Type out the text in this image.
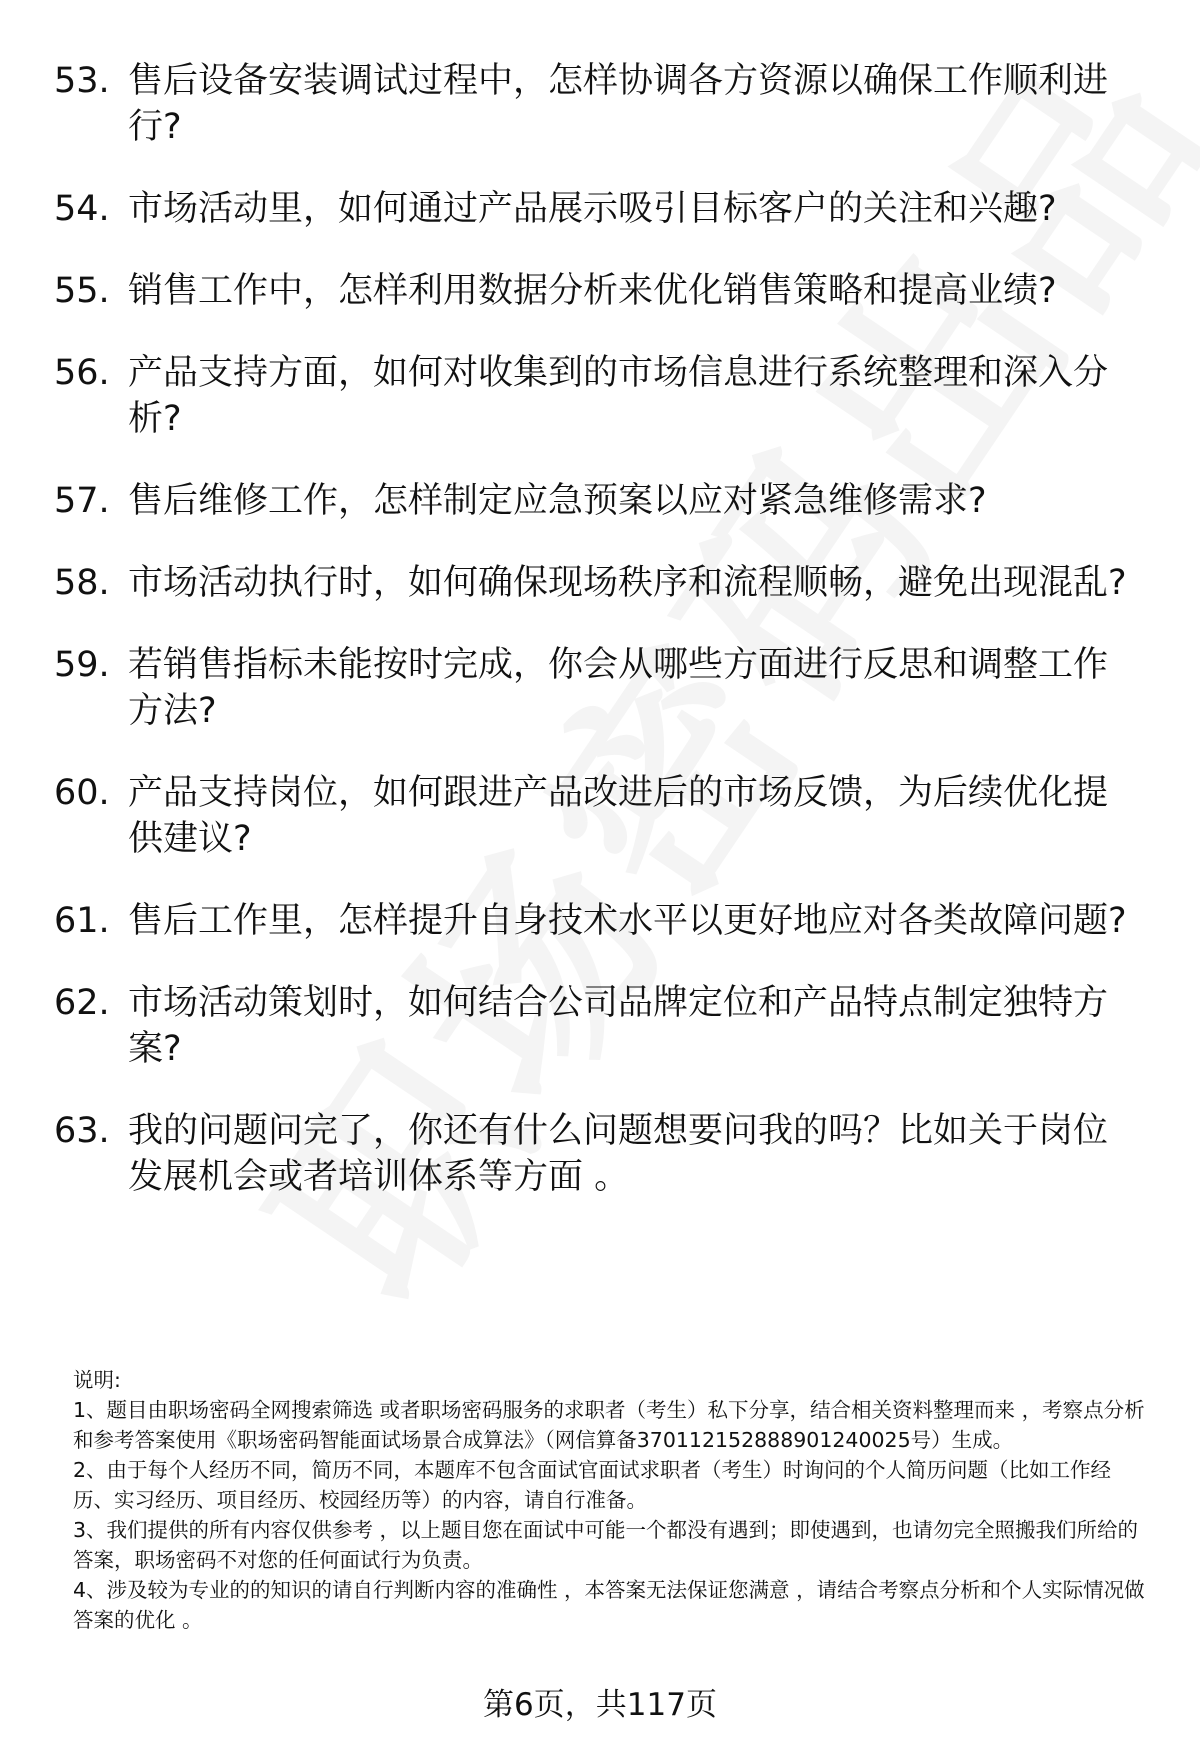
53. 售后设备安装调试过程中，怎样协调各方资源以确保工作顺利进行?
54. 市场活动里，如何通过产品展示吸引目标客户的关注和兴趣?
55. 销售工作中，怎样利用数据分析来优化销售策略和提高业绩?
56. 产品支持方面，如何对收集到的市场信息进行系统整理和深入分析?
57. 售后维修工作，怎样制定应急预案以应对紧急维修需求?
58. 市场活动执行时，如何确保现场秩序和流程顺畅，避免出现混乱?
59. 若销售指标未能按时完成，你会从哪些方面进行反思和调整工作方法?
60. 产品支持岗位，如何跟进产品改进后的市场反馈，为后续优化提供建议?
61. 售后工作里，怎样提升自身技术水平以更好地应对各类故障问题?
62. 市场活动策划时，如何结合公司品牌定位和产品特点制定独特方案?
63. 我的问题问完了，你还有什么问题想要问我的吗？比如关于岗位发展机会或者培训体系等方面 。

说明:

1、题目由职场密码全网搜索筛选 或者职场密码服务的求职者（考生）私下分享，结合相关资料整理而来 ，考察点分析和参考答案使用《职场密码智能面试场景合成算法》（网信算备370112152888901240025号）生成。

2、由于每个人经历不同，简历不同，本题库不包含面试官面试求职者（考生）时询问的个人简历问题（比如工作经历、实习经历、项目经历、校园经历等）的内容，请自行准备。

3、我们提供的所有内容仅供参考 ，以上题目您在面试中可能一个都没有遇到；即使遇到，也请勿完全照搬我们所给的答案，职场密码不对您的任何面试行为负责。

4、涉及较为专业的的知识的请自行判断内容的准确性 ，本答案无法保证您满意 ，请结合考察点分析和个人实际情况做答案的优化 。

第6页，共117页
